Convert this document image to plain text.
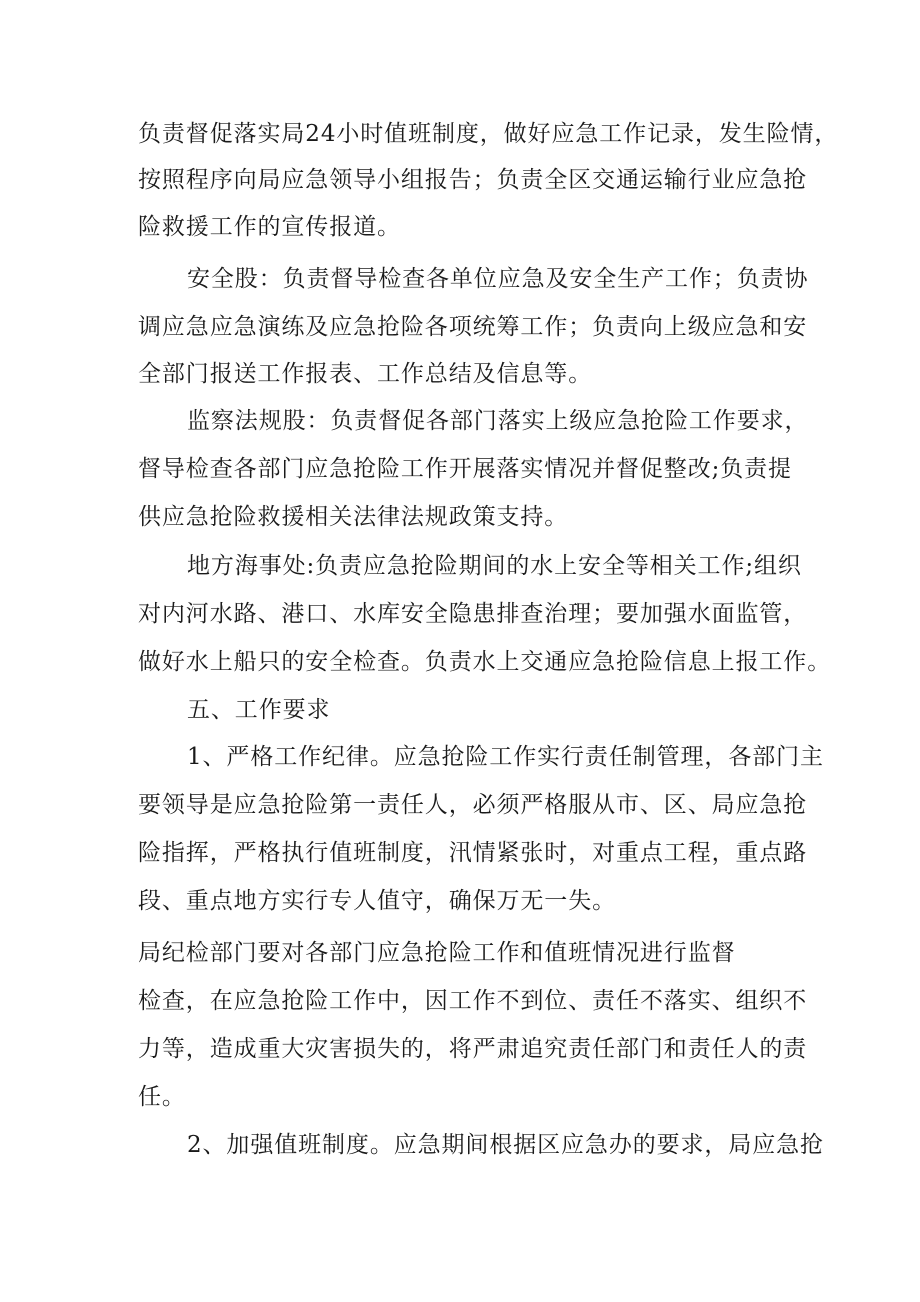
负责督促落实局24小时值班制度，做好应急工作记录，发生险情，
按照程序向局应急领导小组报告；负责全区交通运输行业应急抢
险救援工作的宣传报道。
安全股：负责督导检查各单位应急及安全生产工作；负责协
调应急应急演练及应急抢险各项统筹工作；负责向上级应急和安
全部门报送工作报表、工作总结及信息等。
监察法规股：负责督促各部门落实上级应急抢险工作要求，
督导检查各部门应急抢险工作开展落实情况并督促整改;负责提
供应急抢险救援相关法律法规政策支持。
地方海事处:负责应急抢险期间的水上安全等相关工作;组织
对内河水路、港口、水库安全隐患排查治理；要加强水面监管，
做好水上船只的安全检查。负责水上交通应急抢险信息上报工作。
五、工作要求
1、严格工作纪律。应急抢险工作实行责任制管理，各部门主
要领导是应急抢险第一责任人，必须严格服从市、区、局应急抢
险指挥，严格执行值班制度，汛情紧张时，对重点工程，重点路
段、重点地方实行专人值守，确保万无一失。
局纪检部门要对各部门应急抢险工作和值班情况进行监督
检查，在应急抢险工作中，因工作不到位、责任不落实、组织不
力等，造成重大灾害损失的，将严肃追究责任部门和责任人的责
任。
2、加强值班制度。应急期间根据区应急办的要求，局应急抢
